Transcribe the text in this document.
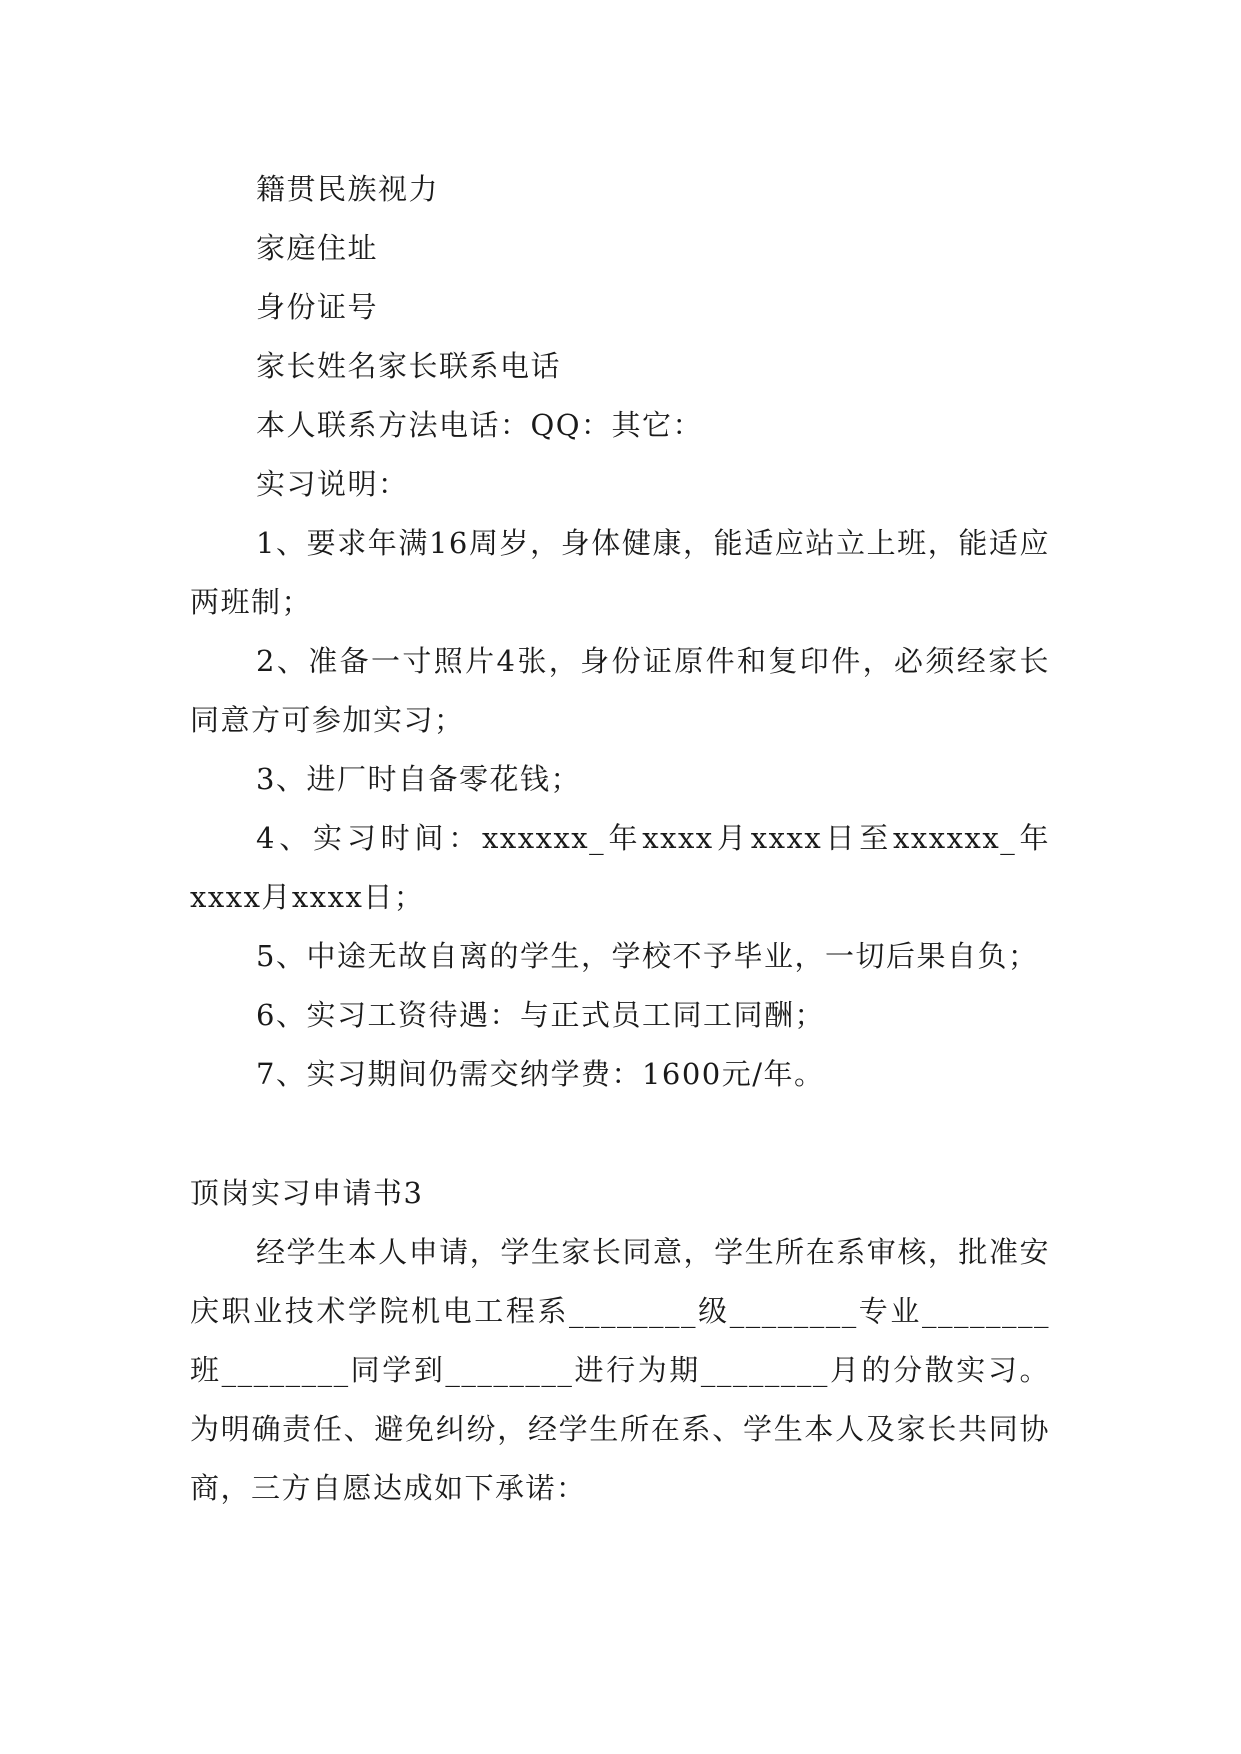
籍贯民族视力

家庭住址

身份证号

家长姓名家长联系电话

本人联系方法电话：QQ：其它：

实习说明：

1、要求年满16周岁，身体健康，能适应站立上班，能适应两班制；

2、准备一寸照片4张，身份证原件和复印件，必须经家长同意方可参加实习；

3、进厂时自备零花钱；

4、实习时间：xxxxxx_年xxxx月xxxx日至xxxxxx_年xxxx月xxxx日；

5、中途无故自离的学生，学校不予毕业，一切后果自负；

6、实习工资待遇：与正式员工同工同酬；

7、实习期间仍需交纳学费：1600元/年。

顶岗实习申请书3

经学生本人申请，学生家长同意，学生所在系审核，批准安庆职业技术学院机电工程系________级________专业________班________同学到________进行为期________月的分散实习。为明确责任、避免纠纷，经学生所在系、学生本人及家长共同协商，三方自愿达成如下承诺：
